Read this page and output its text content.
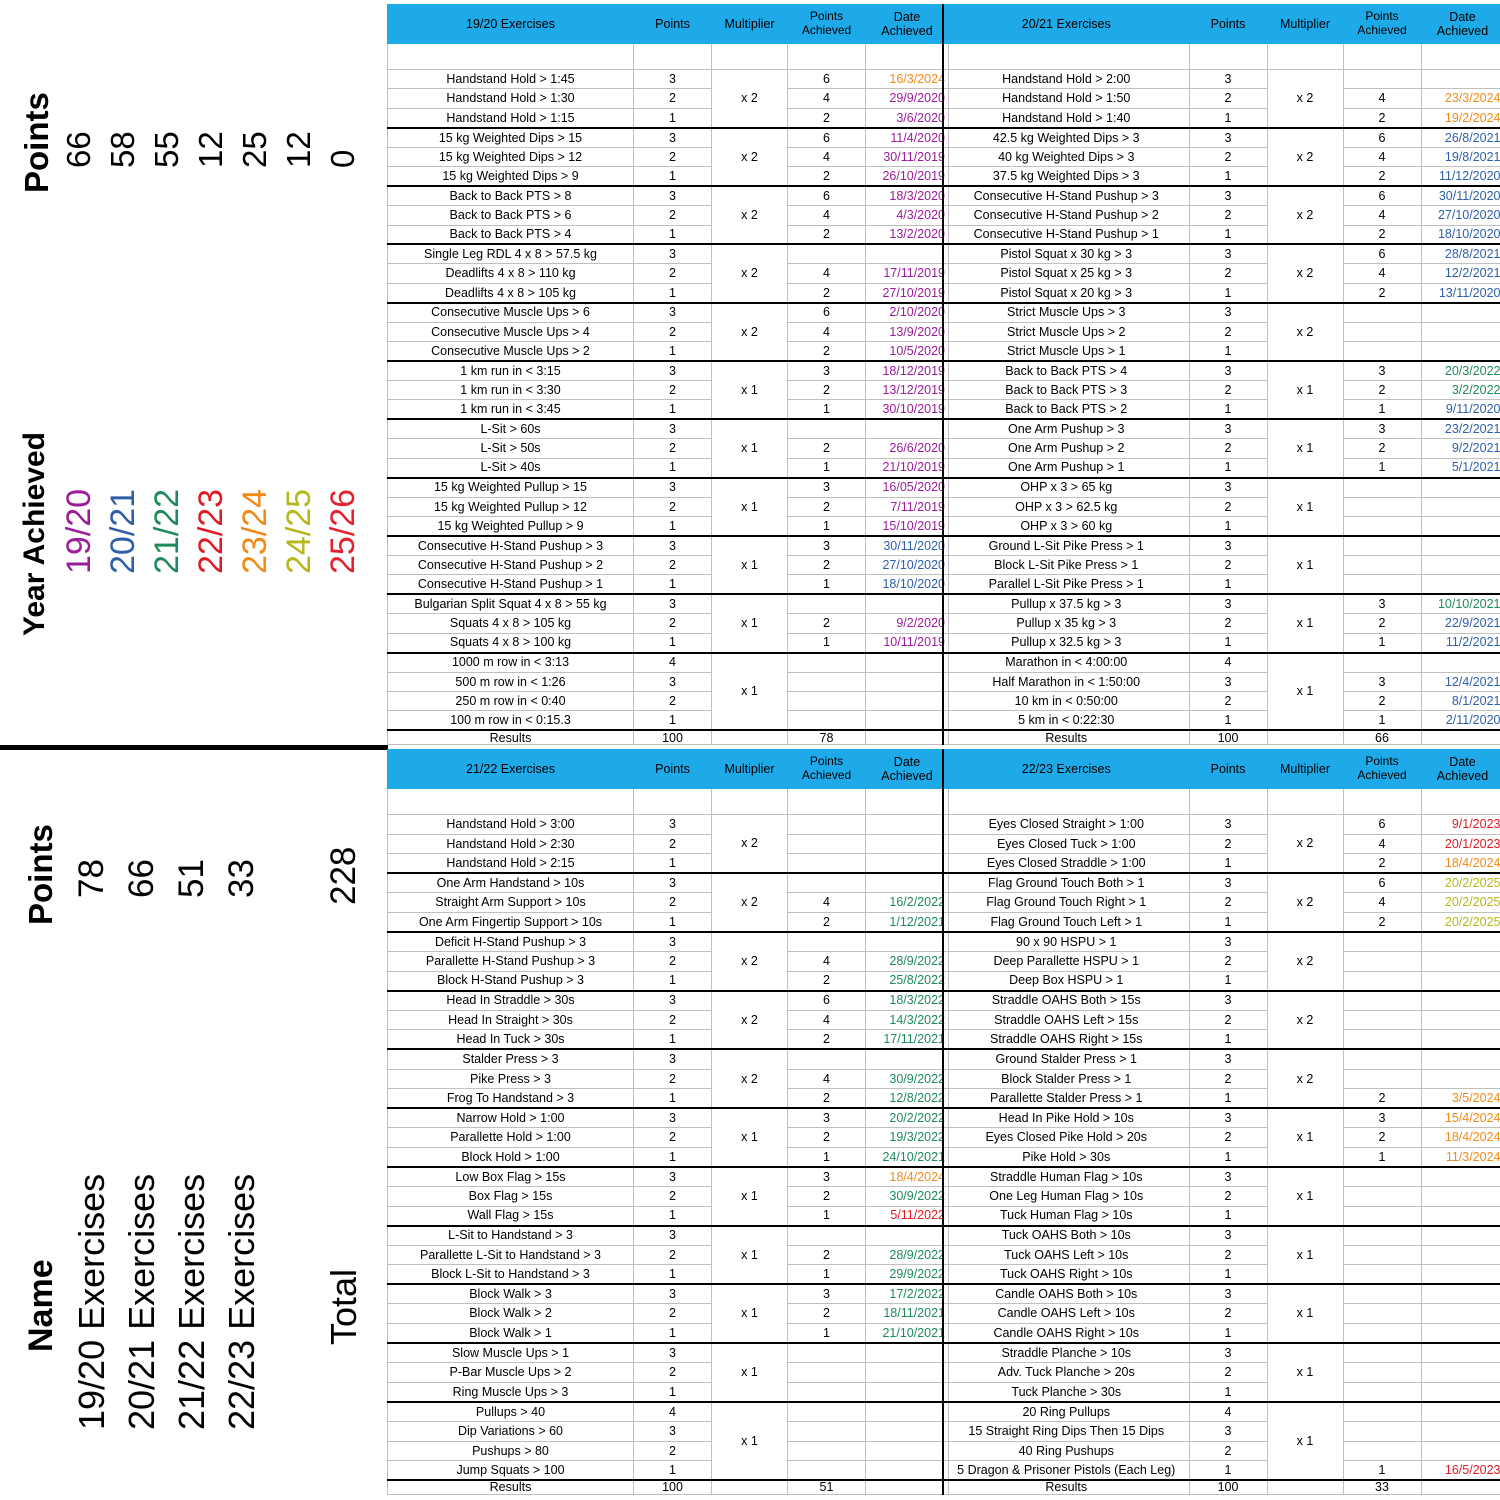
Points 66 58 55 12 25 12 0
Year Achieved 19/20 20/21 21/22 22/23 23/24 24/25 25/26
Points 78 66 51 33 228
Name 19/20 Exercises 20/21 Exercises 21/22 Exercises 22/23 Exercises Total
19/20 Exercises	Points	Multiplier	Points Achieved	Date Achieved

Handstand Hold > 1:45	3	x 2	6	16/3/2024
Handstand Hold > 1:30	2		4	29/9/2020
Handstand Hold > 1:15	1		2	3/6/2020
15 kg Weighted Dips > 15	3	x 2	6	11/4/2020
15 kg Weighted Dips > 12	2		4	30/11/2019
15 kg Weighted Dips > 9	1		2	26/10/2019
Back to Back PTS > 8	3	x 2	6	18/3/2020
Back to Back PTS > 6	2		4	4/3/2020
Back to Back PTS > 4	1		2	13/2/2020
Single Leg RDL 4 x 8 > 57.5 kg	3	x 2		
Deadlifts 4 x 8 > 110 kg	2		4	17/11/2019
Deadlifts 4 x 8 > 105 kg	1		2	27/10/2019
Consecutive Muscle Ups > 6	3	x 2	6	2/10/2020
Consecutive Muscle Ups > 4	2		4	13/9/2020
Consecutive Muscle Ups > 2	1		2	10/5/2020
1 km run in < 3:15	3	x 1	3	18/12/2019
1 km run in < 3:30	2		2	13/12/2019
1 km run in < 3:45	1		1	30/10/2019
L-Sit > 60s	3	x 1		
L-Sit > 50s	2		2	26/6/2020
L-Sit > 40s	1		1	21/10/2019
15 kg Weighted Pullup > 15	3	x 1	3	16/05/2020
15 kg Weighted Pullup > 12	2		2	7/11/2019
15 kg Weighted Pullup > 9	1		1	15/10/2019
Consecutive H-Stand Pushup > 3	3	x 1	3	30/11/2020
Consecutive H-Stand Pushup > 2	2		2	27/10/2020
Consecutive H-Stand Pushup > 1	1		1	18/10/2020
Bulgarian Split Squat 4 x 8 > 55 kg	3	x 1		
Squats 4 x 8 > 105 kg	2		2	9/2/2020
Squats 4 x 8 > 100 kg	1		1	10/11/2019
1000 m row in < 3:13	4	x 1		
500 m row in < 1:26	3			
250 m row in < 0:40	2			
100 m row in < 0:15.3	1			
Results	100		78	
20/21 Exercises	Points	Multiplier	Points Achieved	Date Achieved

Handstand Hold > 2:00	3	x 2		
Handstand Hold > 1:50	2		4	23/3/2024
Handstand Hold > 1:40	1		2	19/2/2024
42.5 kg Weighted Dips > 3	3	x 2	6	26/8/2021
40 kg Weighted Dips > 3	2		4	19/8/2021
37.5 kg Weighted Dips > 3	1		2	11/12/2020
Consecutive H-Stand Pushup > 3	3	x 2	6	30/11/2020
Consecutive H-Stand Pushup > 2	2		4	27/10/2020
Consecutive H-Stand Pushup > 1	1		2	18/10/2020
Pistol Squat x 30 kg > 3	3	x 2	6	28/8/2021
Pistol Squat x 25 kg > 3	2		4	12/2/2021
Pistol Squat x 20 kg > 3	1		2	13/11/2020
Strict Muscle Ups > 3	3	x 2		
Strict Muscle Ups > 2	2			
Strict Muscle Ups > 1	1			
Back to Back PTS > 4	3	x 1	3	20/3/2022
Back to Back PTS > 3	2		2	3/2/2022
Back to Back PTS > 2	1		1	9/11/2020
One Arm Pushup > 3	3	x 1	3	23/2/2021
One Arm Pushup > 2	2		2	9/2/2021
One Arm Pushup > 1	1		1	5/1/2021
OHP x 3 > 65 kg	3	x 1		
OHP x 3 > 62.5 kg	2			
OHP x 3 > 60 kg	1			
Ground L-Sit Pike Press > 1	3	x 1		
Block L-Sit Pike Press > 1	2			
Parallel L-Sit Pike Press > 1	1			
Pullup x 37.5 kg > 3	3	x 1	3	10/10/2021
Pullup x 35 kg > 3	2		2	22/9/2021
Pullup x 32.5 kg > 3	1		1	11/2/2021
Marathon in < 4:00:00	4	x 1		
Half Marathon in < 1:50:00	3		3	12/4/2021
10 km in < 0:50:00	2		2	8/1/2021
5 km in < 0:22:30	1		1	2/11/2020
Results	100		66	
21/22 Exercises	Points	Multiplier	Points Achieved	Date Achieved

Handstand Hold > 3:00	3	x 2		
Handstand Hold > 2:30	2			
Handstand Hold > 2:15	1			
One Arm Handstand > 10s	3	x 2		
Straight Arm Support > 10s	2		4	16/2/2022
One Arm Fingertip Support > 10s	1		2	1/12/2021
Deficit H-Stand Pushup > 3	3	x 2		
Parallette H-Stand Pushup > 3	2		4	28/9/2022
Block H-Stand Pushup > 3	1		2	25/8/2022
Head In Straddle > 30s	3	x 2	6	18/3/2022
Head In Straight > 30s	2		4	14/3/2022
Head In Tuck > 30s	1		2	17/11/2021
Stalder Press > 3	3	x 2		
Pike Press > 3	2		4	30/9/2022
Frog To Handstand > 3	1		2	12/8/2022
Narrow Hold > 1:00	3	x 1	3	20/2/2022
Parallette Hold > 1:00	2		2	19/3/2022
Block Hold > 1:00	1		1	24/10/2021
Low Box Flag > 15s	3	x 1	3	18/4/2024
Box Flag > 15s	2		2	30/9/2022
Wall Flag > 15s	1		1	5/11/2022
L-Sit to Handstand > 3	3	x 1		
Parallette L-Sit to Handstand > 3	2		2	28/9/2022
Block L-Sit to Handstand > 3	1		1	29/9/2022
Block Walk > 3	3	x 1	3	17/2/2022
Block Walk > 2	2		2	18/11/2021
Block Walk > 1	1		1	21/10/2021
Slow Muscle Ups > 1	3	x 1		
P-Bar Muscle Ups > 2	2			
Ring Muscle Ups > 3	1			
Pullups > 40	4	x 1		
Dip Variations > 60	3			
Pushups > 80	2			
Jump Squats > 100	1			
Results	100		51	
22/23 Exercises	Points	Multiplier	Points Achieved	Date Achieved

Eyes Closed Straight > 1:00	3	x 2	6	9/1/2023
Eyes Closed Tuck > 1:00	2		4	20/1/2023
Eyes Closed Straddle > 1:00	1		2	18/4/2024
Flag Ground Touch Both > 1	3	x 2	6	20/2/2025
Flag Ground Touch Right > 1	2		4	20/2/2025
Flag Ground Touch Left > 1	1		2	20/2/2025
90 x 90 HSPU > 1	3	x 2		
Deep Parallette HSPU > 1	2			
Deep Box HSPU > 1	1			
Straddle OAHS Both > 15s	3	x 2		
Straddle OAHS Left > 15s	2			
Straddle OAHS Right > 15s	1			
Ground Stalder Press > 1	3	x 2		
Block Stalder Press > 1	2			
Parallette Stalder Press > 1	1		2	3/5/2024
Head In Pike Hold > 10s	3	x 1	3	15/4/2024
Eyes Closed Pike Hold > 20s	2		2	18/4/2024
Pike Hold > 30s	1		1	11/3/2024
Straddle Human Flag > 10s	3	x 1		
One Leg Human Flag > 10s	2			
Tuck Human Flag > 10s	1			
Tuck OAHS Both > 10s	3	x 1		
Tuck OAHS Left > 10s	2			
Tuck OAHS Right > 10s	1			
Candle OAHS Both > 10s	3	x 1		
Candle OAHS Left > 10s	2			
Candle OAHS Right > 10s	1			
Straddle Planche > 10s	3	x 1		
Adv. Tuck Planche > 20s	2			
Tuck Planche > 30s	1			
20 Ring Pullups	4	x 1		
15 Straight Ring Dips Then 15 Dips	3			
40 Ring Pushups	2			
5 Dragon & Prisoner Pistols (Each Leg)	1		1	16/5/2023
Results	100		33	
